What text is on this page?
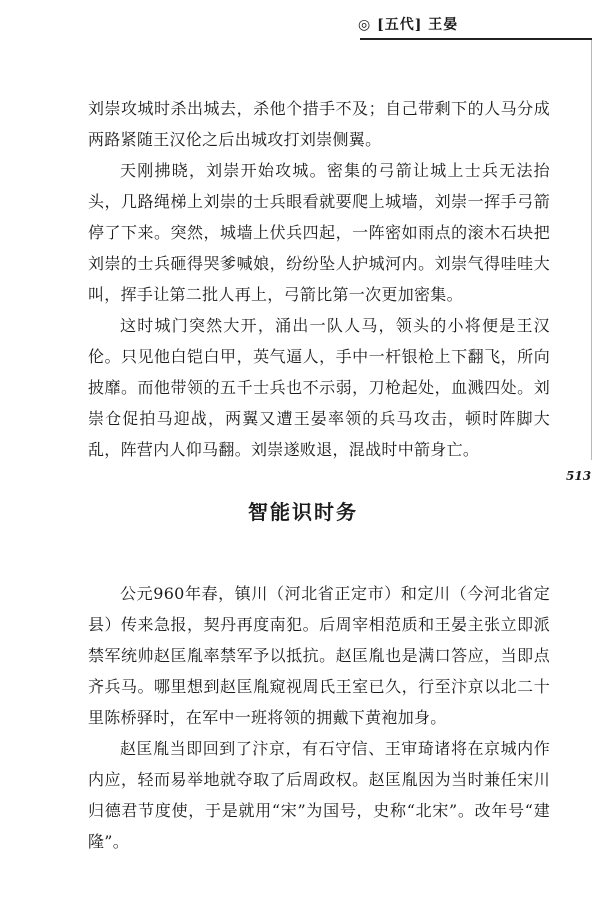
◎ [五代] 王晏
513

刘崇攻城时杀出城去，杀他个措手不及；自己带剩下的人马分成两路紧随王汉伦之后出城攻打刘崇侧翼。

天刚拂晓，刘崇开始攻城。密集的弓箭让城上士兵无法抬头，几路绳梯上刘崇的士兵眼看就要爬上城墙，刘崇一挥手弓箭停了下来。突然，城墙上伏兵四起，一阵密如雨点的滚木石块把刘崇的士兵砸得哭爹喊娘，纷纷坠人护城河内。刘崇气得哇哇大叫，挥手让第二批人再上，弓箭比第一次更加密集。

这时城门突然大开，涌出一队人马，领头的小将便是王汉伦。只见他白铠白甲，英气逼人，手中一杆银枪上下翻飞，所向披靡。而他带领的五千士兵也不示弱，刀枪起处，血溅四处。刘崇仓促拍马迎战，两翼又遭王晏率领的兵马攻击，顿时阵脚大乱，阵营内人仰马翻。刘崇遂败退，混战时中箭身亡。

智能识时务

公元960年春，镇川（河北省正定市）和定川（今河北省定县）传来急报，契丹再度南犯。后周宰相范质和王晏主张立即派禁军统帅赵匡胤率禁军予以抵抗。赵匡胤也是满口答应，当即点齐兵马。哪里想到赵匡胤窥视周氏王室已久，行至汴京以北二十里陈桥驿时，在军中一班将领的拥戴下黄袍加身。

赵匡胤当即回到了汴京，有石守信、王审琦诸将在京城内作内应，轻而易举地就夺取了后周政权。赵匡胤因为当时兼任宋川归德君节度使，于是就用“宋”为国号，史称“北宋”。改年号“建隆”。
